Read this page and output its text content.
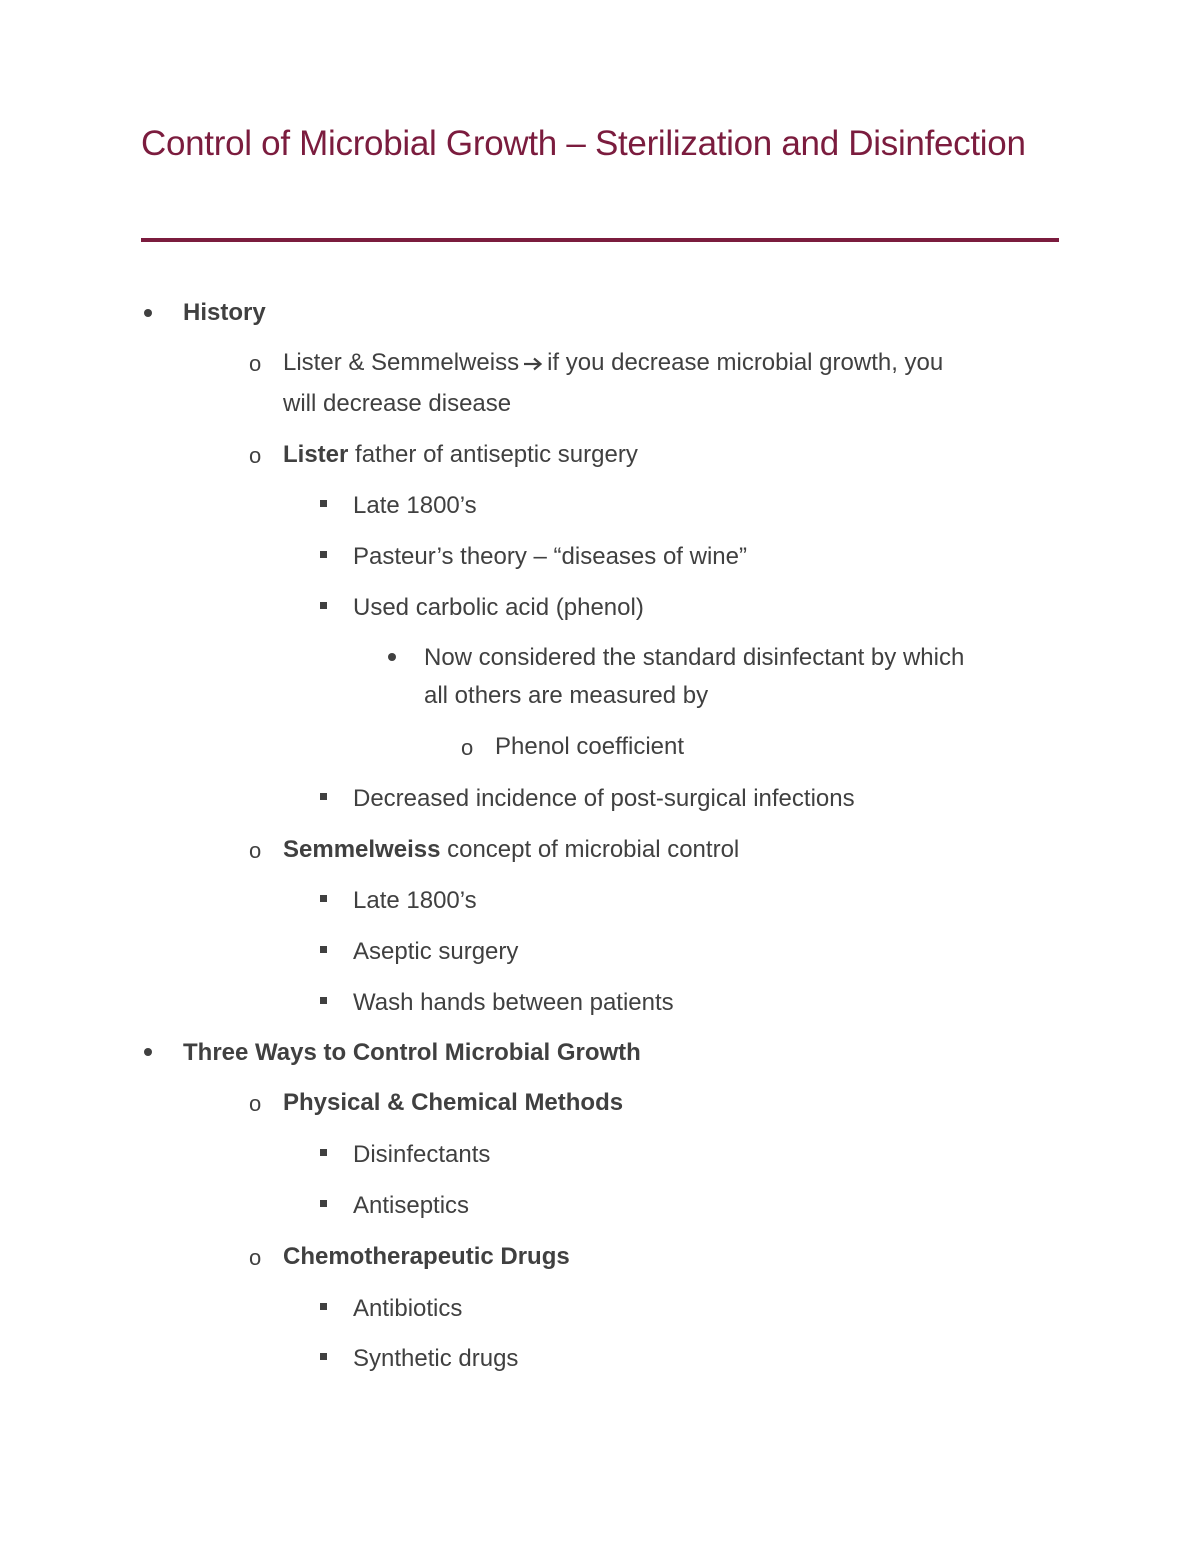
Control of Microbial Growth – Sterilization and Disinfection
History
o Lister & Semmelweiss if you decrease microbial growth, you
will decrease disease
o Lister father of antiseptic surgery
Late 1800’s
Pasteur’s theory – “diseases of wine”
Used carbolic acid (phenol)
Now considered the standard disinfectant by which
all others are measured by
o Phenol coefficient
Decreased incidence of post-surgical infections
o Semmelweiss concept of microbial control
Late 1800’s
Aseptic surgery
Wash hands between patients
Three Ways to Control Microbial Growth
o Physical & Chemical Methods
Disinfectants
Antiseptics
o Chemotherapeutic Drugs
Antibiotics
Synthetic drugs
